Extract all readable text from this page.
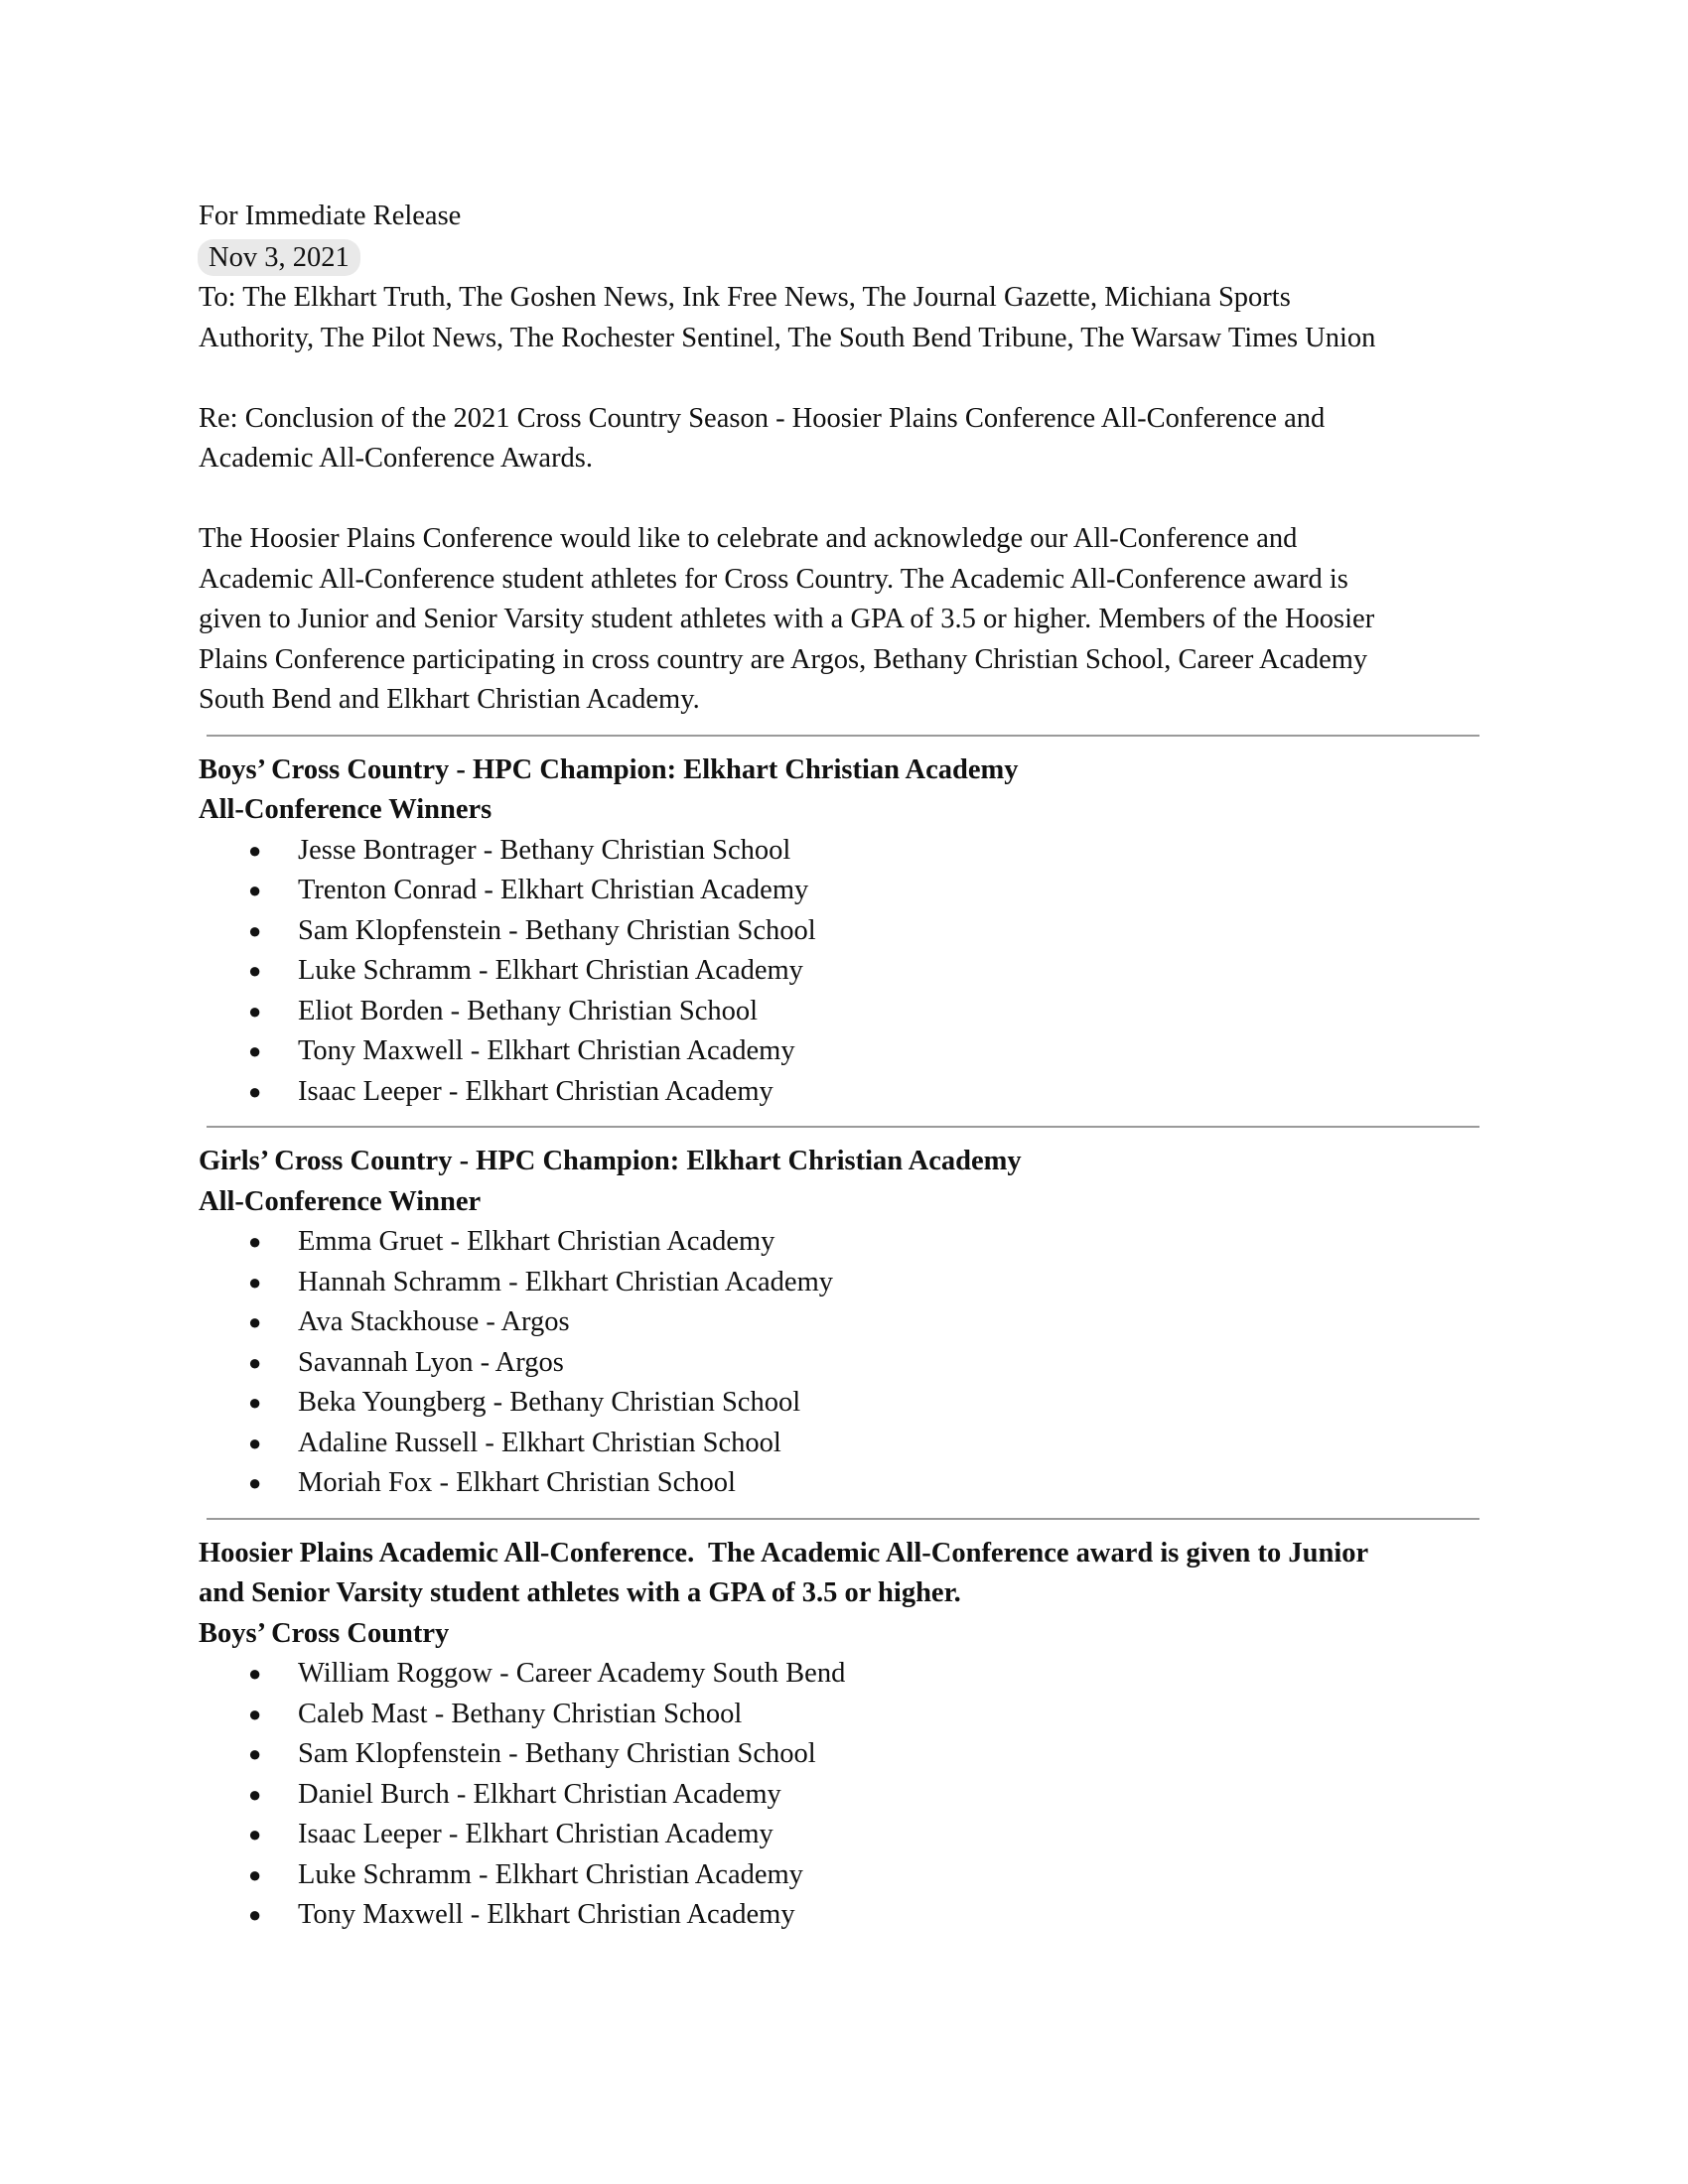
For Immediate Release
Nov 3, 2021
To: The Elkhart Truth, The Goshen News, Ink Free News, The Journal Gazette, Michiana Sports
Authority, The Pilot News, The Rochester Sentinel, The South Bend Tribune, The Warsaw Times Union
Re: Conclusion of the 2021 Cross Country Season - Hoosier Plains Conference All-Conference and
Academic All-Conference Awards.
The Hoosier Plains Conference would like to celebrate and acknowledge our All-Conference and
Academic All-Conference student athletes for Cross Country. The Academic All-Conference award is
given to Junior and Senior Varsity student athletes with a GPA of 3.5 or higher. Members of the Hoosier
Plains Conference participating in cross country are Argos, Bethany Christian School, Career Academy
South Bend and Elkhart Christian Academy.
Boys’ Cross Country - HPC Champion: Elkhart Christian Academy
All-Conference Winners
● Jesse Bontrager - Bethany Christian School
● Trenton Conrad - Elkhart Christian Academy
● Sam Klopfenstein - Bethany Christian School
● Luke Schramm - Elkhart Christian Academy
● Eliot Borden - Bethany Christian School
● Tony Maxwell - Elkhart Christian Academy
● Isaac Leeper - Elkhart Christian Academy
Girls’ Cross Country - HPC Champion: Elkhart Christian Academy
All-Conference Winner
● Emma Gruet - Elkhart Christian Academy
● Hannah Schramm - Elkhart Christian Academy
● Ava Stackhouse - Argos
● Savannah Lyon - Argos
● Beka Youngberg - Bethany Christian School
● Adaline Russell - Elkhart Christian School
● Moriah Fox - Elkhart Christian School
Hoosier Plains Academic All-Conference.  The Academic All-Conference award is given to Junior
and Senior Varsity student athletes with a GPA of 3.5 or higher.
Boys’ Cross Country
● William Roggow - Career Academy South Bend
● Caleb Mast - Bethany Christian School
● Sam Klopfenstein - Bethany Christian School
● Daniel Burch - Elkhart Christian Academy
● Isaac Leeper - Elkhart Christian Academy
● Luke Schramm - Elkhart Christian Academy
● Tony Maxwell - Elkhart Christian Academy
